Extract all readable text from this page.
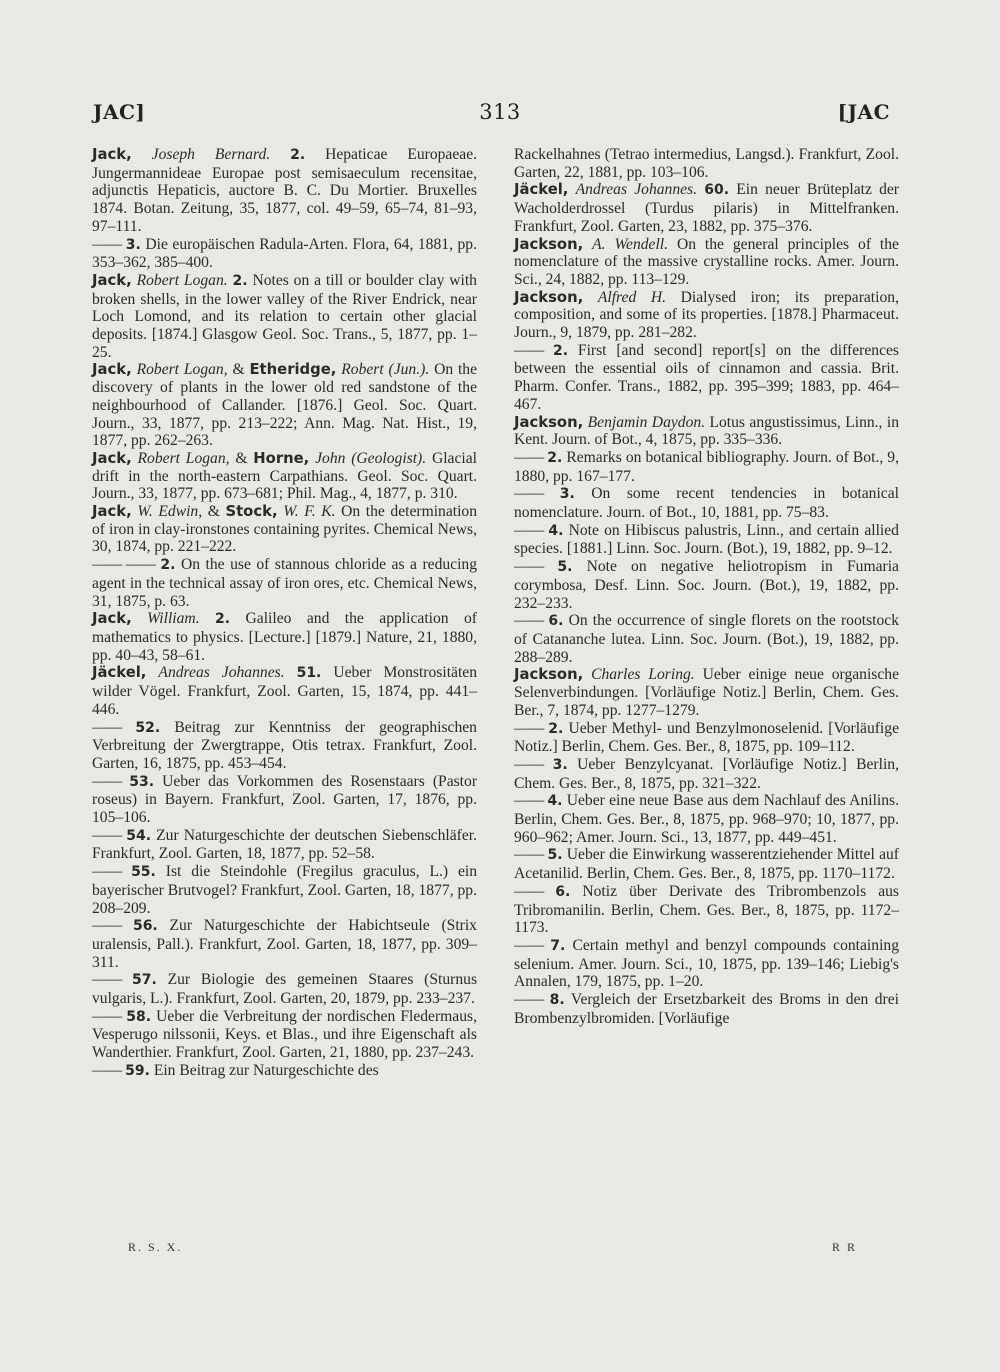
JAC]	313	[JAC

Jack, Joseph Bernard. 2. Hepaticae Europaeae. Jungermannideae Europae post semisaeculum recensitae, adjunctis Hepaticis, auctore B. C. Du Mortier. Bruxelles 1874. Botan. Zeitung, 35, 1877, col. 49–59, 65–74, 81–93, 97–111.

—— 3. Die europäischen Radula-Arten. Flora, 64, 1881, pp. 353–362, 385–400.

Jack, Robert Logan. 2. Notes on a till or boulder clay with broken shells, in the lower valley of the River Endrick, near Loch Lomond, and its relation to certain other glacial deposits. [1874.] Glasgow Geol. Soc. Trans., 5, 1877, pp. 1–25.

Jack, Robert Logan, & Etheridge, Robert (Jun.). On the discovery of plants in the lower old red sandstone of the neighbourhood of Callander. [1876.] Geol. Soc. Quart. Journ., 33, 1877, pp. 213–222; Ann. Mag. Nat. Hist., 19, 1877, pp. 262–263.

Jack, Robert Logan, & Horne, John (Geologist). Glacial drift in the north-eastern Carpathians. Geol. Soc. Quart. Journ., 33, 1877, pp. 673–681; Phil. Mag., 4, 1877, p. 310.

Jack, W. Edwin, & Stock, W. F. K. On the determination of iron in clay-ironstones containing pyrites. Chemical News, 30, 1874, pp. 221–222.

—— —— 2. On the use of stannous chloride as a reducing agent in the technical assay of iron ores, etc. Chemical News, 31, 1875, p. 63.

Jack, William. 2. Galileo and the application of mathematics to physics. [Lecture.] [1879.] Nature, 21, 1880, pp. 40–43, 58–61.

Jäckel, Andreas Johannes. 51. Ueber Monstrositäten wilder Vögel. Frankfurt, Zool. Garten, 15, 1874, pp. 441–446.

—— 52. Beitrag zur Kenntniss der geographischen Verbreitung der Zwergtrappe, Otis tetrax. Frankfurt, Zool. Garten, 16, 1875, pp. 453–454.

—— 53. Ueber das Vorkommen des Rosenstaars (Pastor roseus) in Bayern. Frankfurt, Zool. Garten, 17, 1876, pp. 105–106.

—— 54. Zur Naturgeschichte der deutschen Siebenschläfer. Frankfurt, Zool. Garten, 18, 1877, pp. 52–58.

—— 55. Ist die Steindohle (Fregilus graculus, L.) ein bayerischer Brutvogel? Frankfurt, Zool. Garten, 18, 1877, pp. 208–209.

—— 56. Zur Naturgeschichte der Habichtseule (Strix uralensis, Pall.). Frankfurt, Zool. Garten, 18, 1877, pp. 309–311.

—— 57. Zur Biologie des gemeinen Staares (Sturnus vulgaris, L.). Frankfurt, Zool. Garten, 20, 1879, pp. 233–237.

—— 58. Ueber die Verbreitung der nordischen Fledermaus, Vesperugo nilssonii, Keys. et Blas., und ihre Eigenschaft als Wanderthier. Frankfurt, Zool. Garten, 21, 1880, pp. 237–243.

—— 59. Ein Beitrag zur Naturgeschichte des

Rackelhahnes (Tetrao intermedius, Langsd.). Frankfurt, Zool. Garten, 22, 1881, pp. 103–106.

Jäckel, Andreas Johannes. 60. Ein neuer Brüteplatz der Wacholderdrossel (Turdus pilaris) in Mittelfranken. Frankfurt, Zool. Garten, 23, 1882, pp. 375–376.

Jackson, A. Wendell. On the general principles of the nomenclature of the massive crystalline rocks. Amer. Journ. Sci., 24, 1882, pp. 113–129.

Jackson, Alfred H. Dialysed iron; its preparation, composition, and some of its properties. [1878.] Pharmaceut. Journ., 9, 1879, pp. 281–282.

—— 2. First [and second] report[s] on the differences between the essential oils of cinnamon and cassia. Brit. Pharm. Confer. Trans., 1882, pp. 395–399; 1883, pp. 464–467.

Jackson, Benjamin Daydon. Lotus angustissimus, Linn., in Kent. Journ. of Bot., 4, 1875, pp. 335–336.

—— 2. Remarks on botanical bibliography. Journ. of Bot., 9, 1880, pp. 167–177.

—— 3. On some recent tendencies in botanical nomenclature. Journ. of Bot., 10, 1881, pp. 75–83.

—— 4. Note on Hibiscus palustris, Linn., and certain allied species. [1881.] Linn. Soc. Journ. (Bot.), 19, 1882, pp. 9–12.

—— 5. Note on negative heliotropism in Fumaria corymbosa, Desf. Linn. Soc. Journ. (Bot.), 19, 1882, pp. 232–233.

—— 6. On the occurrence of single florets on the rootstock of Catananche lutea. Linn. Soc. Journ. (Bot.), 19, 1882, pp. 288–289.

Jackson, Charles Loring. Ueber einige neue organische Selenverbindungen. [Vorläufige Notiz.] Berlin, Chem. Ges. Ber., 7, 1874, pp. 1277–1279.

—— 2. Ueber Methyl- und Benzylmonoselenid. [Vorläufige Notiz.] Berlin, Chem. Ges. Ber., 8, 1875, pp. 109–112.

—— 3. Ueber Benzylcyanat. [Vorläufige Notiz.] Berlin, Chem. Ges. Ber., 8, 1875, pp. 321–322.

—— 4. Ueber eine neue Base aus dem Nachlauf des Anilins. Berlin, Chem. Ges. Ber., 8, 1875, pp. 968–970; 10, 1877, pp. 960–962; Amer. Journ. Sci., 13, 1877, pp. 449–451.

—— 5. Ueber die Einwirkung wasserentziehender Mittel auf Acetanilid. Berlin, Chem. Ges. Ber., 8, 1875, pp. 1170–1172.

—— 6. Notiz über Derivate des Tribrombenzols aus Tribromanilin. Berlin, Chem. Ges. Ber., 8, 1875, pp. 1172–1173.

—— 7. Certain methyl and benzyl compounds containing selenium. Amer. Journ. Sci., 10, 1875, pp. 139–146; Liebig's Annalen, 179, 1875, pp. 1–20.

—— 8. Vergleich der Ersetzbarkeit des Broms in den drei Brombenzylbromiden. [Vorläufige

R. S. X.	R R
